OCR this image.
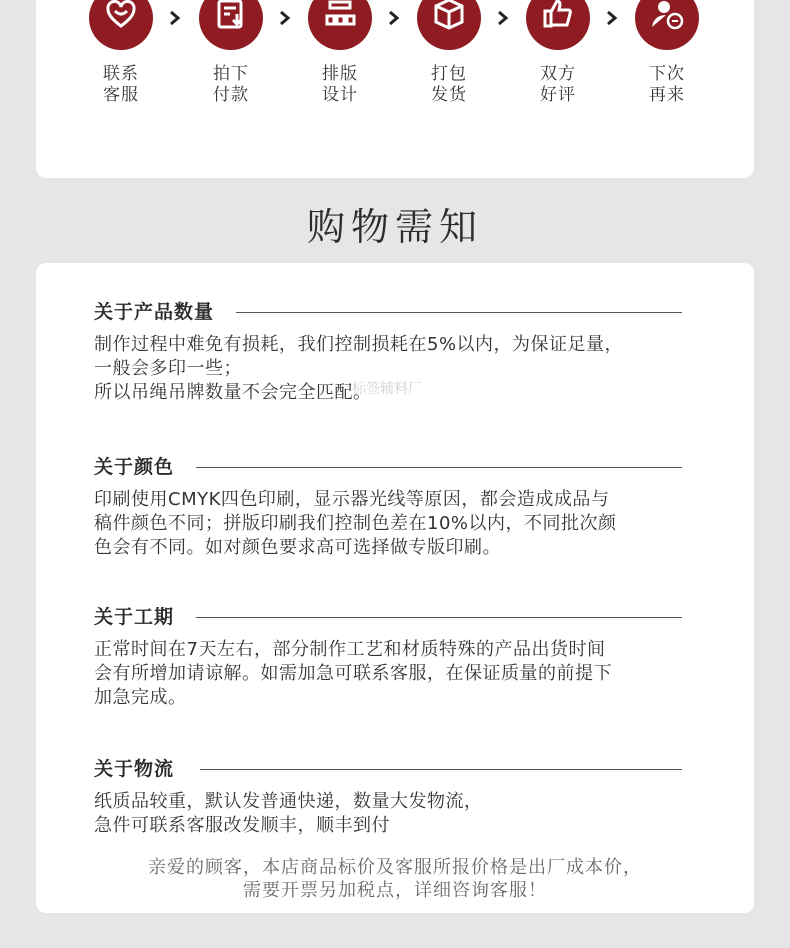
联系
客服
拍下
付款
排版
设计
打包
发货
双方
好评
下次
再来
购物需知
关于产品数量
制作过程中难免有损耗，我们控制损耗在5%以内，为保证足量，
一般会多印一些；
所以吊绳吊牌数量不会完全匹配。
关于颜色
印刷使用CMYK四色印刷，显示器光线等原因，都会造成成品与
稿件颜色不同；拼版印刷我们控制色差在10%以内，不同批次颜
色会有不同。如对颜色要求高可选择做专版印刷。
关于工期
正常时间在7天左右，部分制作工艺和材质特殊的产品出货时间
会有所增加请谅解。如需加急可联系客服，在保证质量的前提下
加急完成。
关于物流
纸质品较重，默认发普通快递，数量大发物流，
急件可联系客服改发顺丰，顺丰到付
亲爱的顾客，本店商品标价及客服所报价格是出厂成本价，
需要开票另加税点，详细咨询客服！
标签辅料厂
